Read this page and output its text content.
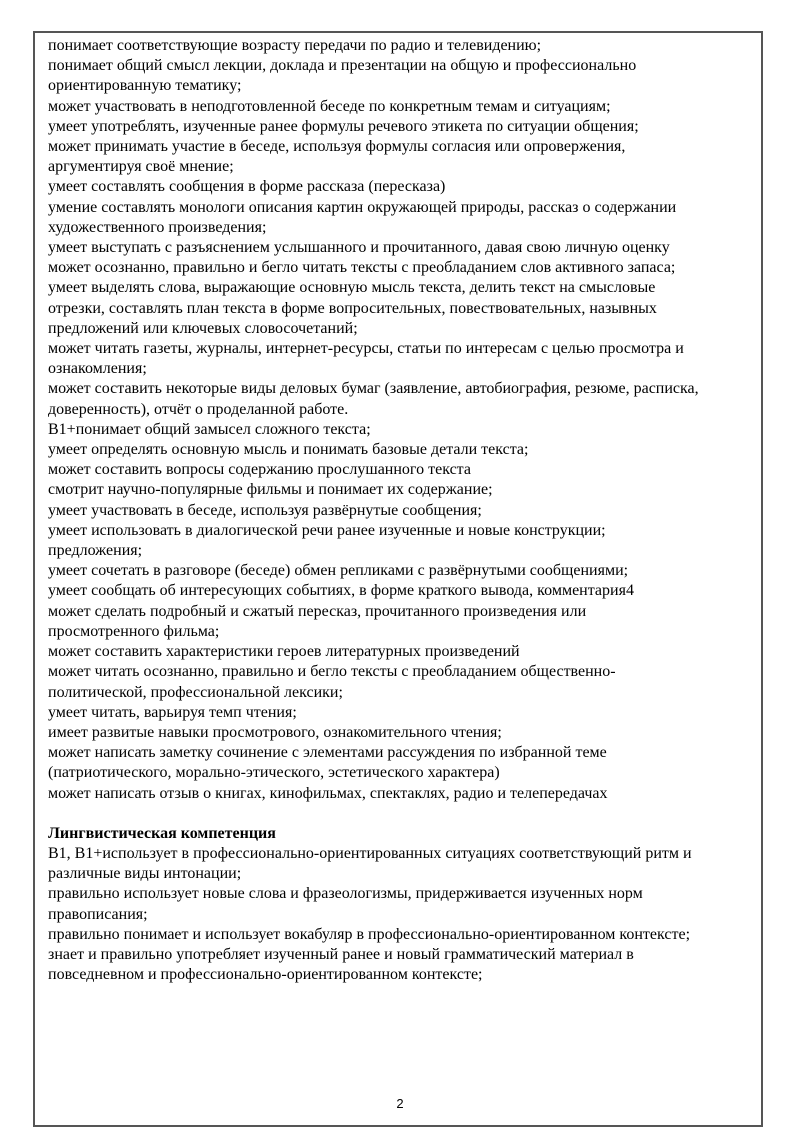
понимает соответствующие возрасту передачи по радио и телевидению;

понимает общий смысл лекции, доклада и презентации на общую и профессионально

ориентированную тематику;

может участвовать в неподготовленной беседе по конкретным темам и ситуациям;

умеет употреблять, изученные ранее формулы речевого этикета по ситуации общения;

может принимать участие в беседе, используя формулы согласия или опровержения,

аргументируя своё мнение;

умеет составлять сообщения в форме рассказа (пересказа)

умение составлять монологи описания картин окружающей природы, рассказ о содержании

художественного произведения;

умеет выступать с разъяснением услышанного и прочитанного, давая свою личную оценку

может осознанно, правильно и бегло читать тексты с преобладанием слов активного запаса;

умеет выделять слова, выражающие основную мысль текста, делить текст на смысловые

отрезки, составлять план текста в форме вопросительных, повествовательных, назывных

предложений или ключевых словосочетаний;

может читать газеты, журналы, интернет-ресурсы, статьи по интересам с целью просмотра и

ознакомления;

может составить некоторые виды деловых бумаг (заявление, автобиография, резюме, расписка,

доверенность), отчёт о проделанной работе.

В1+понимает общий замысел сложного текста;

умеет определять основную мысль и понимать базовые детали текста;

может составить вопросы содержанию прослушанного текста

смотрит научно-популярные фильмы и понимает их содержание;

умеет участвовать в беседе, используя развёрнутые сообщения;

умеет использовать в диалогической речи ранее изученные и новые конструкции;

предложения;

умеет сочетать в разговоре (беседе) обмен репликами с развёрнутыми сообщениями;

умеет сообщать об интересующих событиях, в форме краткого вывода, комментария4

может сделать подробный и сжатый пересказ, прочитанного произведения или

просмотренного фильма;

может составить характеристики героев литературных произведений

может читать осознанно, правильно и бегло тексты с преобладанием общественно-

политической, профессиональной лексики;

умеет читать, варьируя темп чтения;

имеет развитые навыки просмотрового, ознакомительного чтения;

может написать заметку сочинение с элементами рассуждения по избранной теме

(патриотического, морально-этического, эстетического характера)

может написать отзыв о книгах, кинофильмах, спектаклях, радио и телепередачах

Лингвистическая компетенция

В1, В1+использует в профессионально-ориентированных ситуациях соответствующий ритм и

различные виды интонации;

правильно использует новые слова и фразеологизмы, придерживается изученных норм

правописания;

правильно понимает и использует вокабуляр в профессионально-ориентированном контексте;

знает и правильно употребляет изученный ранее и новый грамматический материал в

повседневном и профессионально-ориентированном контексте;

2
